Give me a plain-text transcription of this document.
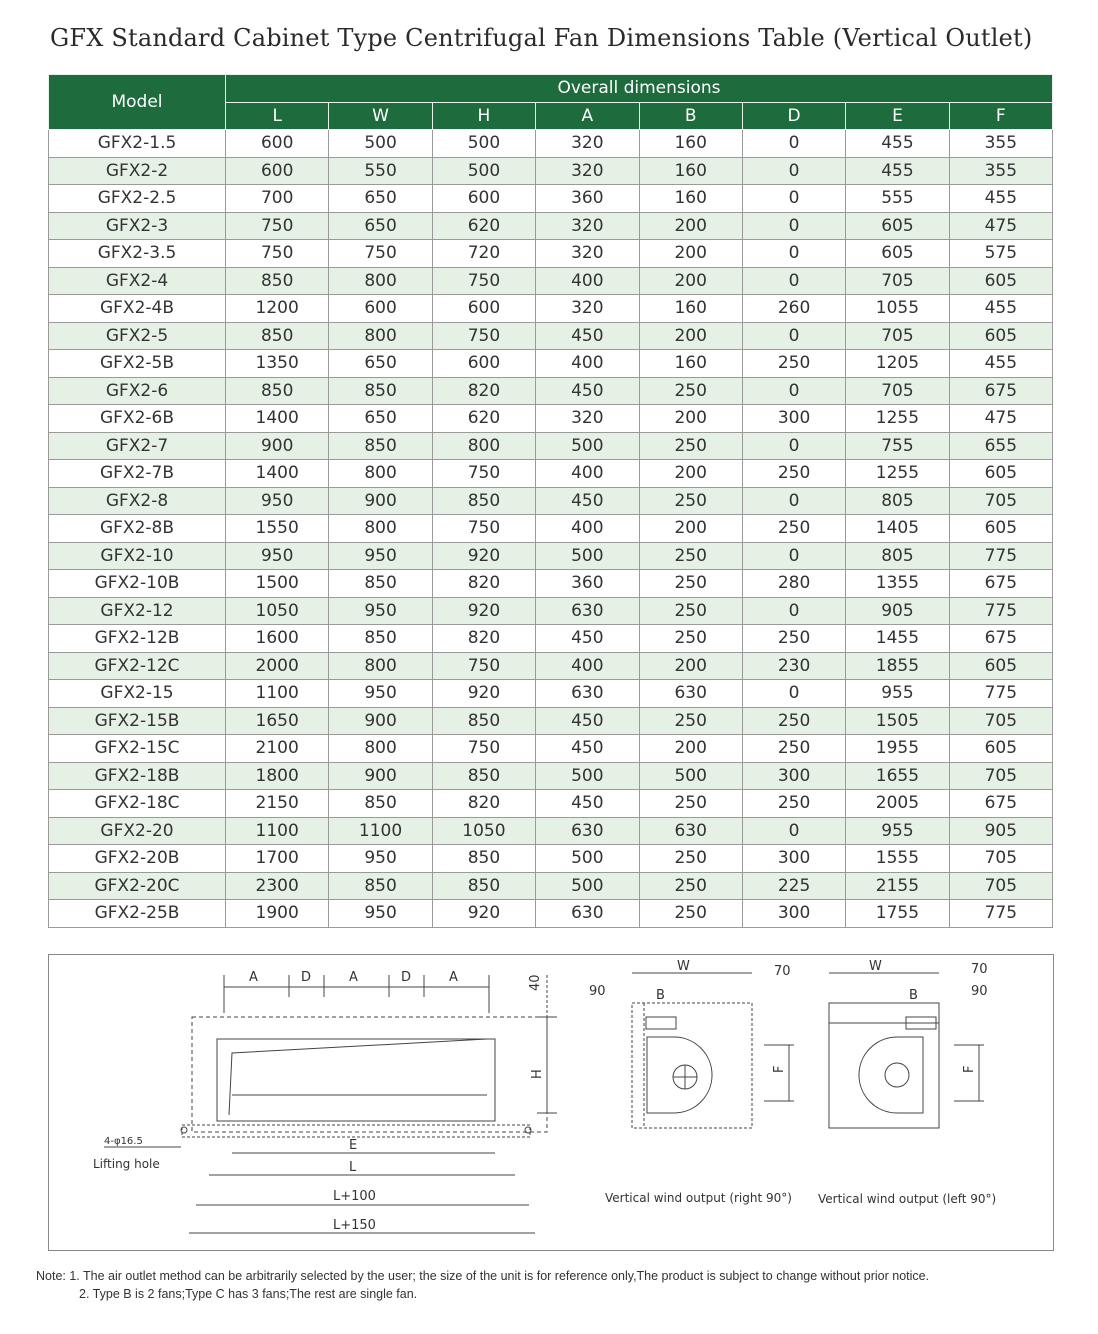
GFX Standard Cabinet Type Centrifugal Fan Dimensions Table (Vertical Outlet)
Model	Overall dimensions							
	L	W	H	A	B	D	E	F
GFX2-1.5	600	500	500	320	160	0	455	355
GFX2-2	600	550	500	320	160	0	455	355
GFX2-2.5	700	650	600	360	160	0	555	455
GFX2-3	750	650	620	320	200	0	605	475
GFX2-3.5	750	750	720	320	200	0	605	575
GFX2-4	850	800	750	400	200	0	705	605
GFX2-4B	1200	600	600	320	160	260	1055	455
GFX2-5	850	800	750	450	200	0	705	605
GFX2-5B	1350	650	600	400	160	250	1205	455
GFX2-6	850	850	820	450	250	0	705	675
GFX2-6B	1400	650	620	320	200	300	1255	475
GFX2-7	900	850	800	500	250	0	755	655
GFX2-7B	1400	800	750	400	200	250	1255	605
GFX2-8	950	900	850	450	250	0	805	705
GFX2-8B	1550	800	750	400	200	250	1405	605
GFX2-10	950	950	920	500	250	0	805	775
GFX2-10B	1500	850	820	360	250	280	1355	675
GFX2-12	1050	950	920	630	250	0	905	775
GFX2-12B	1600	850	820	450	250	250	1455	675
GFX2-12C	2000	800	750	400	200	230	1855	605
GFX2-15	1100	950	920	630	630	0	955	775
GFX2-15B	1650	900	850	450	250	250	1505	705
GFX2-15C	2100	800	750	450	200	250	1955	605
GFX2-18B	1800	900	850	500	500	300	1655	705
GFX2-18C	2150	850	820	450	250	250	2005	675
GFX2-20	1100	1100	1050	630	630	0	955	905
GFX2-20B	1700	950	850	500	250	300	1555	705
GFX2-20C	2300	850	850	500	250	225	2155	705
GFX2-25B	1900	950	920	630	250	300	1755	775
A	D	A	D	A	40
H
E
L
L+100
L+150
4-φ16.5
W
B
90
70
F
W
B
70
90
F
Lifting hole
Vertical wind output (right 90°) Vertical wind output (left 90°)
Note: 1. The air outlet method can be arbitrarily selected by the user; the size of the unit is for reference only,The product is subject to change without prior notice.
2. Type B is 2 fans;Type C has 3 fans;The rest are single fan.
